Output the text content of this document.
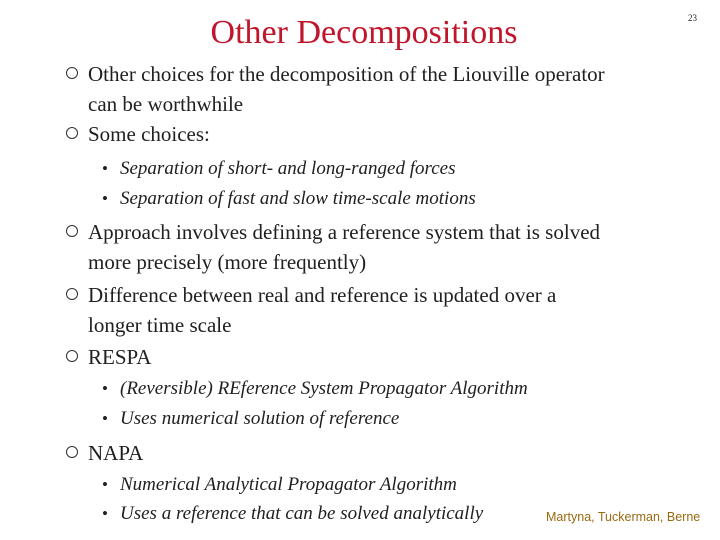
Other Decompositions	23
Other choices for the decomposition of the Liouville operator
can be worthwhile
Some choices:
• Separation of short- and long-ranged forces
• Separation of fast and slow time-scale motions
Approach involves defining a reference system that is solved
more precisely (more frequently)
Difference between real and reference is updated over a
longer time scale
RESPA
• (Reversible) REference System Propagator Algorithm
• Uses numerical solution of reference
NAPA
• Numerical Analytical Propagator Algorithm
• Uses a reference that can be solved analytically	Martyna, Tuckerman, Berne
